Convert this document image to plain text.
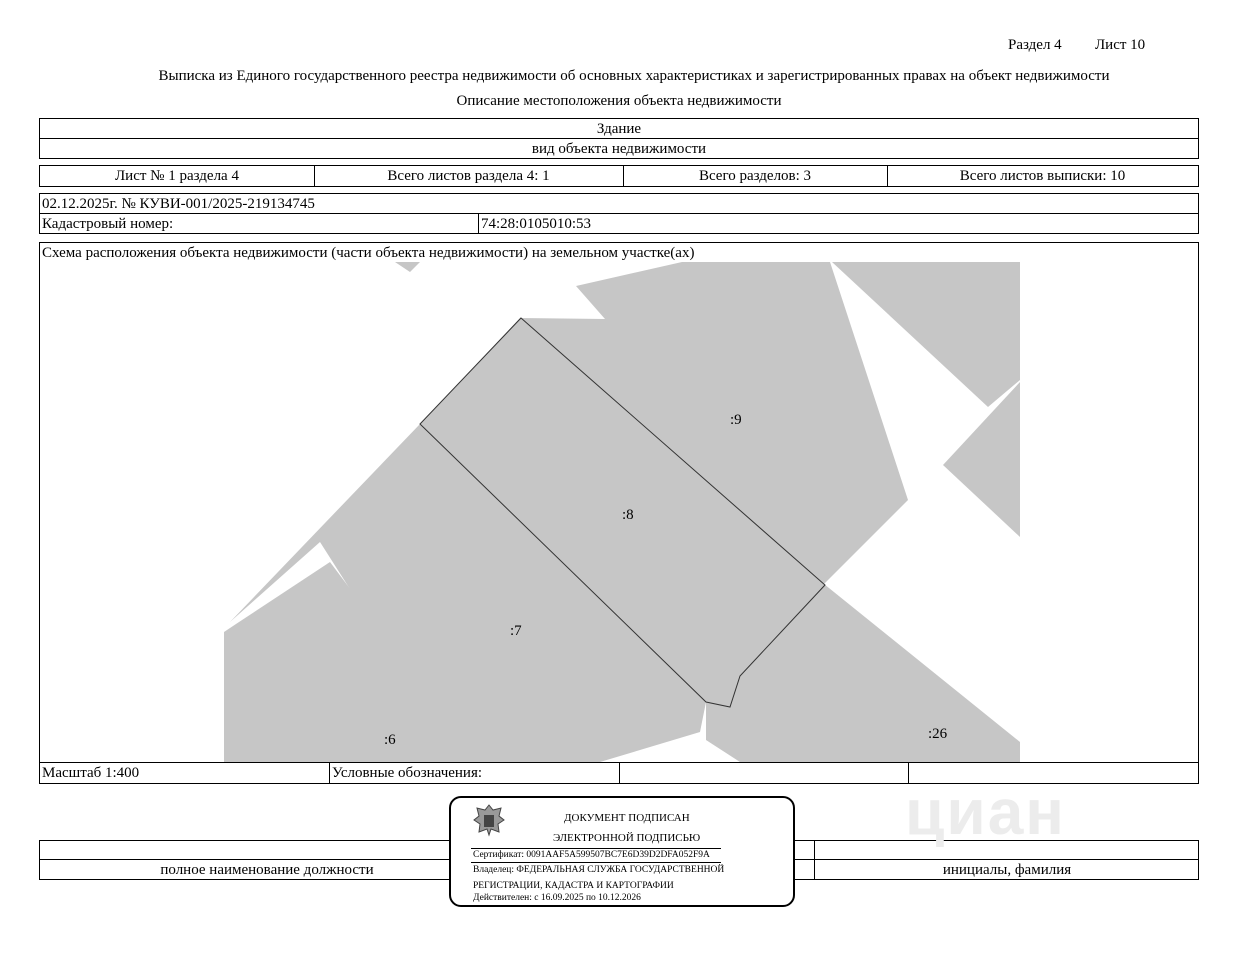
Раздел 4 Лист 10
Выписка из Единого государственного реестра недвижимости об основных характеристиках и зарегистрированных правах на объект недвижимости
Описание местоположения объекта недвижимости
Здание
вид объекта недвижимости
Лист № 1 раздела 4	Всего листов раздела 4: 1	Всего разделов: 3	Всего листов выписки: 10
02.12.2025г. № КУВИ-001/2025-219134745
Кадастровый номер:	74:28:0105010:53
Схема расположения объекта недвижимости (части объекта недвижимости) на земельном участке(ах)
Масштаб 1:400	Условные обозначения:
:9
:8
:7
:6	:26
полное наименование должности	инициалы, фамилия
циан
ДОКУМЕНТ ПОДПИСАН
ЭЛЕКТРОННОЙ ПОДПИСЬЮ
Сертификат: 0091AAF5A599507BC7E6D39D2DFA052F9A
Владелец: ФЕДЕРАЛЬНАЯ СЛУЖБА ГОСУДАРСТВЕННОЙ
РЕГИСТРАЦИИ, КАДАСТРА И КАРТОГРАФИИ
Действителен: с 16.09.2025 по 10.12.2026
